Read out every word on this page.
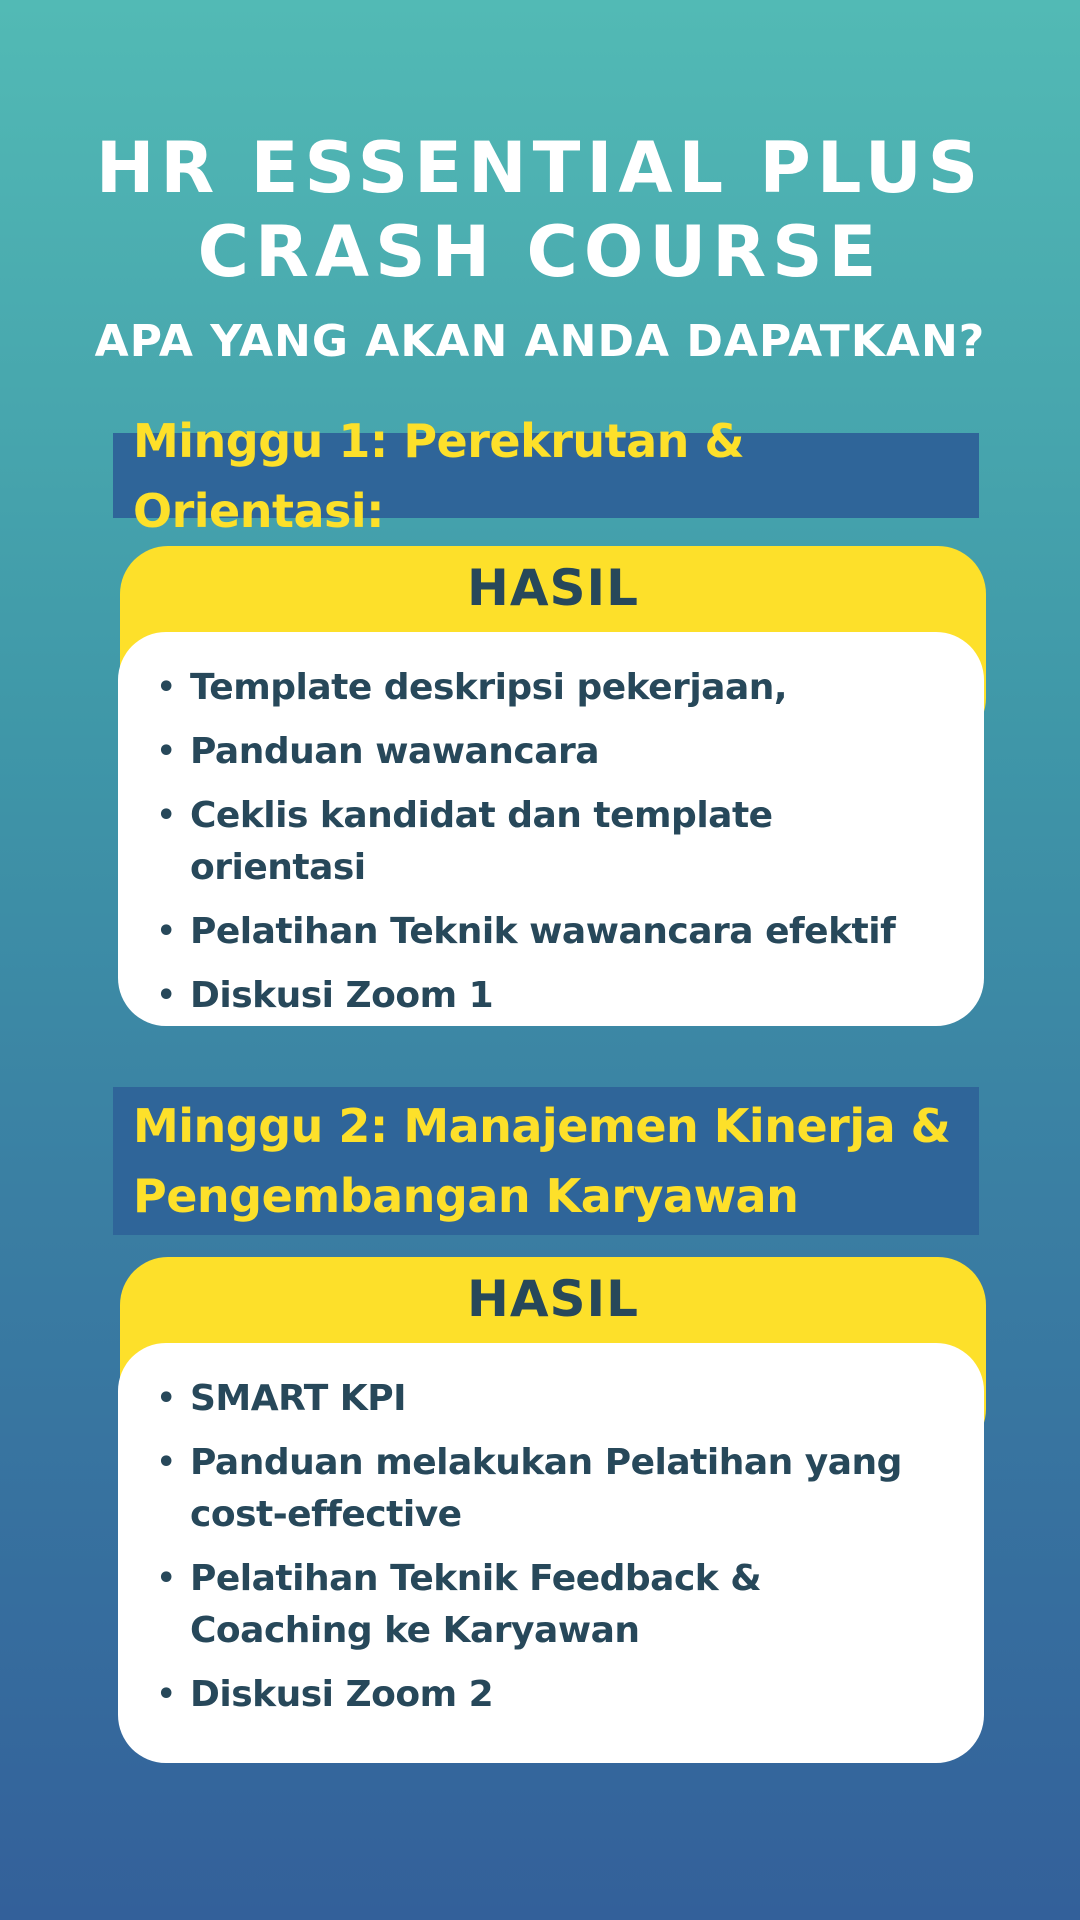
HR ESSENTIAL PLUS
CRASH COURSE
APA YANG AKAN ANDA DAPATKAN?
Minggu 1: Perekrutan & Orientasi:
HASIL
• Template deskripsi pekerjaan,
• Panduan wawancara
• Ceklis kandidat dan template orientasi
• Pelatihan Teknik wawancara efektif
• Diskusi Zoom 1
Minggu 2: Manajemen Kinerja &
Pengembangan Karyawan
HASIL
• SMART KPI
• Panduan melakukan Pelatihan yang cost-effective
• Pelatihan Teknik Feedback & Coaching ke Karyawan
• Diskusi Zoom 2
